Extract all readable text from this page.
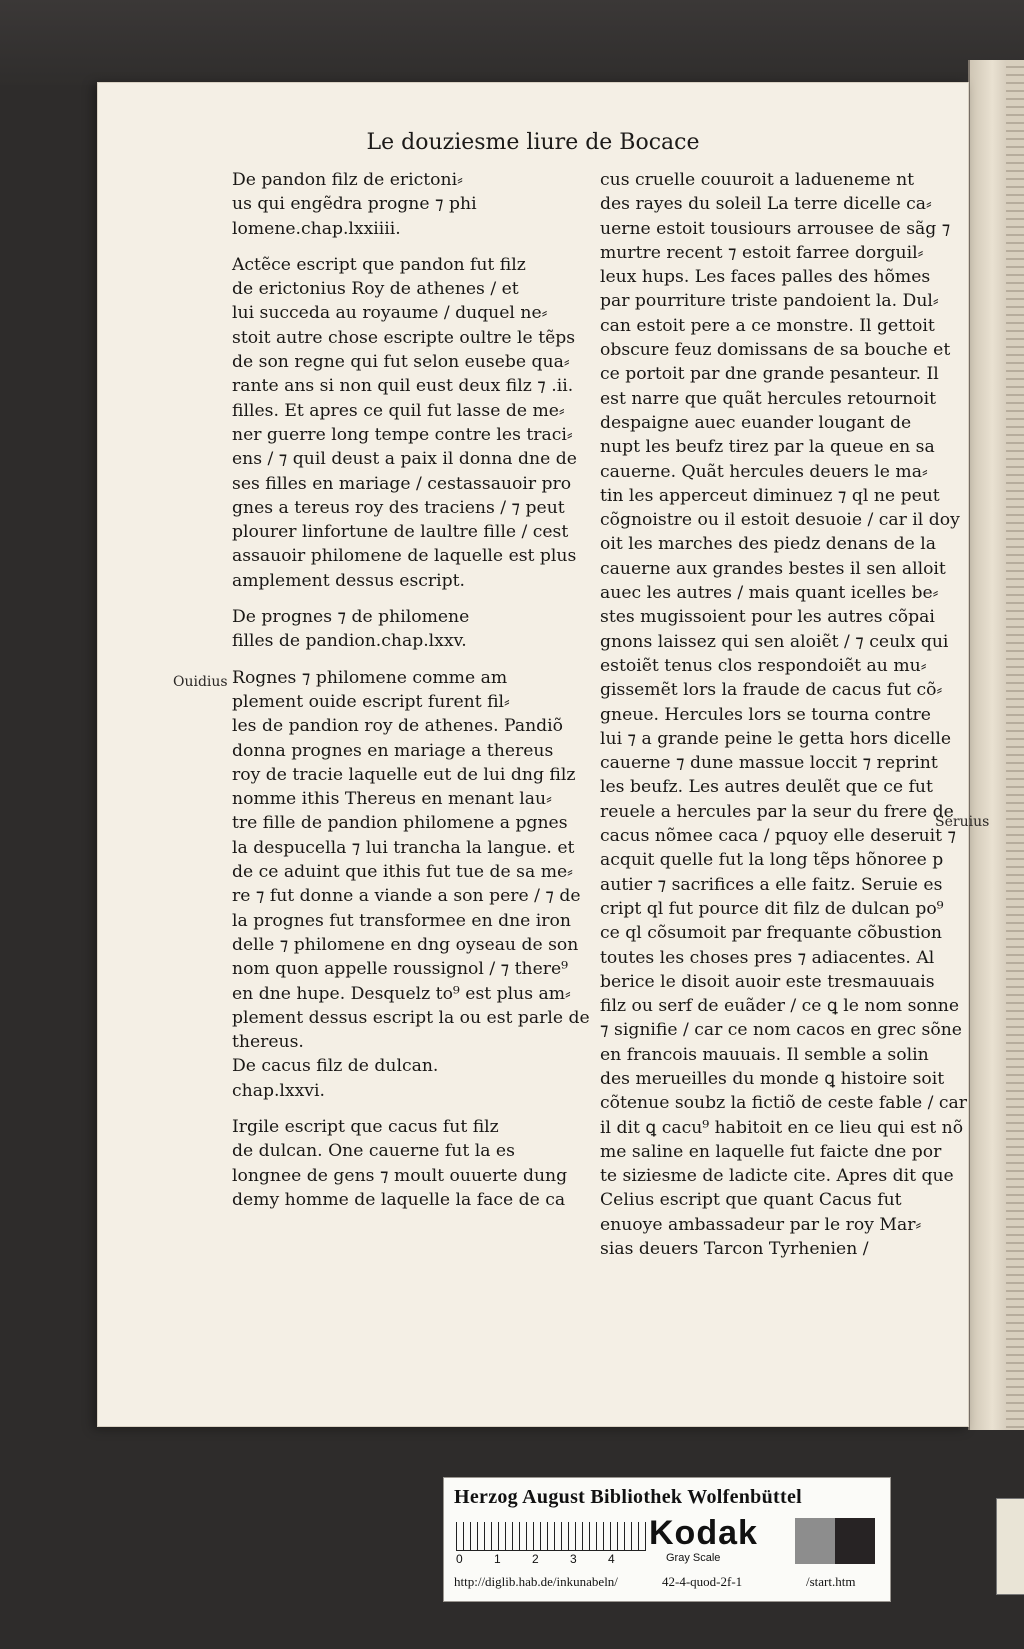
Le douziesme liure de Bocace

De pandon filz de erictoni⸗

us qui engẽdra progne ⁊ phi

lomene.chap.lxxiiii.

Actẽce escript que pandon fut filz

de erictonius Roy de athenes / et

lui succeda au royaume / duquel ne⸗

stoit autre chose escripte oultre le tẽps

de son regne qui fut selon eusebe qua⸗

rante ans si non quil eust deux filz ⁊ .ii.

filles. Et apres ce quil fut lasse de me⸗

ner guerre long tempe contre les traci⸗

ens / ⁊ quil deust a paix il donna dne de

ses filles en mariage / cestassauoir pro

gnes a tereus roy des traciens / ⁊ peut

plourer linfortune de laultre fille / cest

assauoir philomene de laquelle est plus

amplement dessus escript.

De prognes ⁊ de philomene

filles de pandion.chap.lxxv.

Rognes ⁊ philomene comme am

plement ouide escript furent fil⸗

les de pandion roy de athenes. Pandiõ

donna prognes en mariage a thereus

roy de tracie laquelle eut de lui dng filz

nomme ithis Thereus en menant lau⸗

tre fille de pandion philomene a pgnes

la despucella ⁊ lui trancha la langue. et

de ce aduint que ithis fut tue de sa me⸗

re ⁊ fut donne a viande a son pere / ⁊ de

la prognes fut transformee en dne iron

delle ⁊ philomene en dng oyseau de son

nom quon appelle roussignol / ⁊ there⁹

en dne hupe. Desquelz to⁹ est plus am⸗

plement dessus escript la ou est parle de

thereus.

De cacus filz de dulcan.

chap.lxxvi.

Irgile escript que cacus fut filz

de dulcan. One cauerne fut la es

longnee de gens ⁊ moult ouuerte dung

demy homme de laquelle la face de ca

cus cruelle couuroit a ladueneme nt

des rayes du soleil La terre dicelle ca⸗

uerne estoit tousiours arrousee de sãg ⁊

murtre recent ⁊ estoit farree dorguil⸗

leux hups. Les faces palles des hõmes

par pourriture triste pandoient la. Dul⸗

can estoit pere a ce monstre. Il gettoit

obscure feuz domissans de sa bouche et

ce portoit par dne grande pesanteur. Il

est narre que quãt hercules retournoit

despaigne auec euander lougant de

nupt les beufz tirez par la queue en sa

cauerne. Quãt hercules deuers le ma⸗

tin les apperceut diminuez ⁊ ql ne peut

cõgnoistre ou il estoit desuoie / car il doy

oit les marches des piedz denans de la

cauerne aux grandes bestes il sen alloit

auec les autres / mais quant icelles be⸗

stes mugissoient pour les autres cõpai

gnons laissez qui sen aloiẽt / ⁊ ceulx qui

estoiẽt tenus clos respondoiẽt au mu⸗

gissemẽt lors la fraude de cacus fut cõ⸗

gneue. Hercules lors se tourna contre

lui ⁊ a grande peine le getta hors dicelle

cauerne ⁊ dune massue loccit ⁊ reprint

les beufz. Les autres deulẽt que ce fut

reuele a hercules par la seur du frere de

cacus nõmee caca / pquoy elle deseruit ⁊

acquit quelle fut la long tẽps hõnoree p

autier ⁊ sacrifices a elle faitz. Seruie es

cript ql fut pource dit filz de dulcan po⁹

ce ql cõsumoit par frequante cõbustion

toutes les choses pres ⁊ adiacentes. Al

berice le disoit auoir este tresmauuais

filz ou serf de euãder / ce ꝗ le nom sonne

⁊ signifie / car ce nom cacos en grec sõne

en francois mauuais. Il semble a solin

des merueilles du monde ꝗ histoire soit

cõtenue soubz la fictiõ de ceste fable / car

il dit ꝗ cacu⁹ habitoit en ce lieu qui est nõ

me saline en laquelle fut faicte dne por

te siziesme de ladicte cite. Apres dit que

Celius escript que quant Cacus fut

enuoye ambassadeur par le roy Mar⸗

sias deuers Tarcon Tyrhenien /

Ouidius
Seruius
Herzog August Bibliothek Wolfenbüttel
0	1	2	3	4
Kodak
Gray Scale
http://diglib.hab.de/inkunabeln/	42-4-quod-2f-1	/start.htm
